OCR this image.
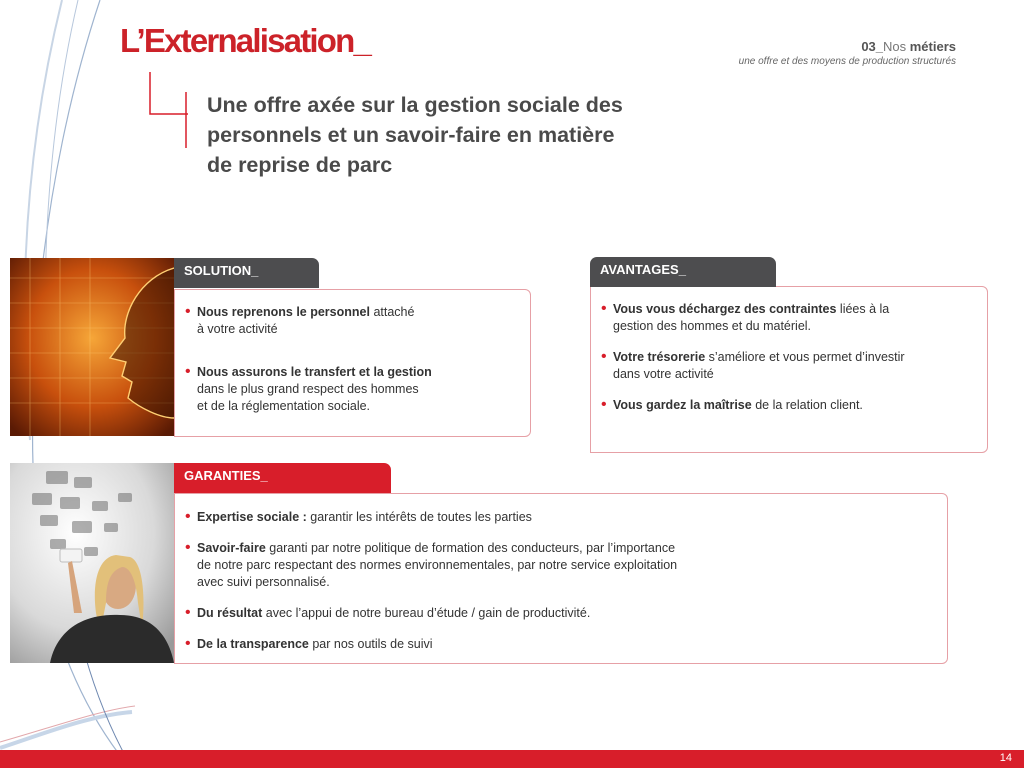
L’Externalisation_	03_Nos métiers
une offre et des moyens de production structurés
Une offre axée sur la gestion sociale des
personnels et un savoir-faire en matière
de reprise de parc
• Nous reprenons le personnel attaché
à votre activité
• Nous assurons le transfert et la gestion
dans le plus grand respect des hommes
et de la réglementation sociale.
SOLUTION_
• Vous vous déchargez des contraintes liées à la
gestion des hommes et du matériel.
• Votre trésorerie s’améliore et vous permet d’investir
dans votre activité
• Vous gardez la maîtrise de la relation client.
AVANTAGES_
• Expertise sociale : garantir les intérêts de toutes les parties
• Savoir-faire garanti par notre politique de formation des conducteurs, par l’importance
de notre parc respectant des normes environnementales, par notre service exploitation
avec suivi personnalisé.
• Du résultat avec l’appui de notre bureau d’étude / gain de productivité.
• De la transparence par nos outils de suivi
GARANTIES_
14
